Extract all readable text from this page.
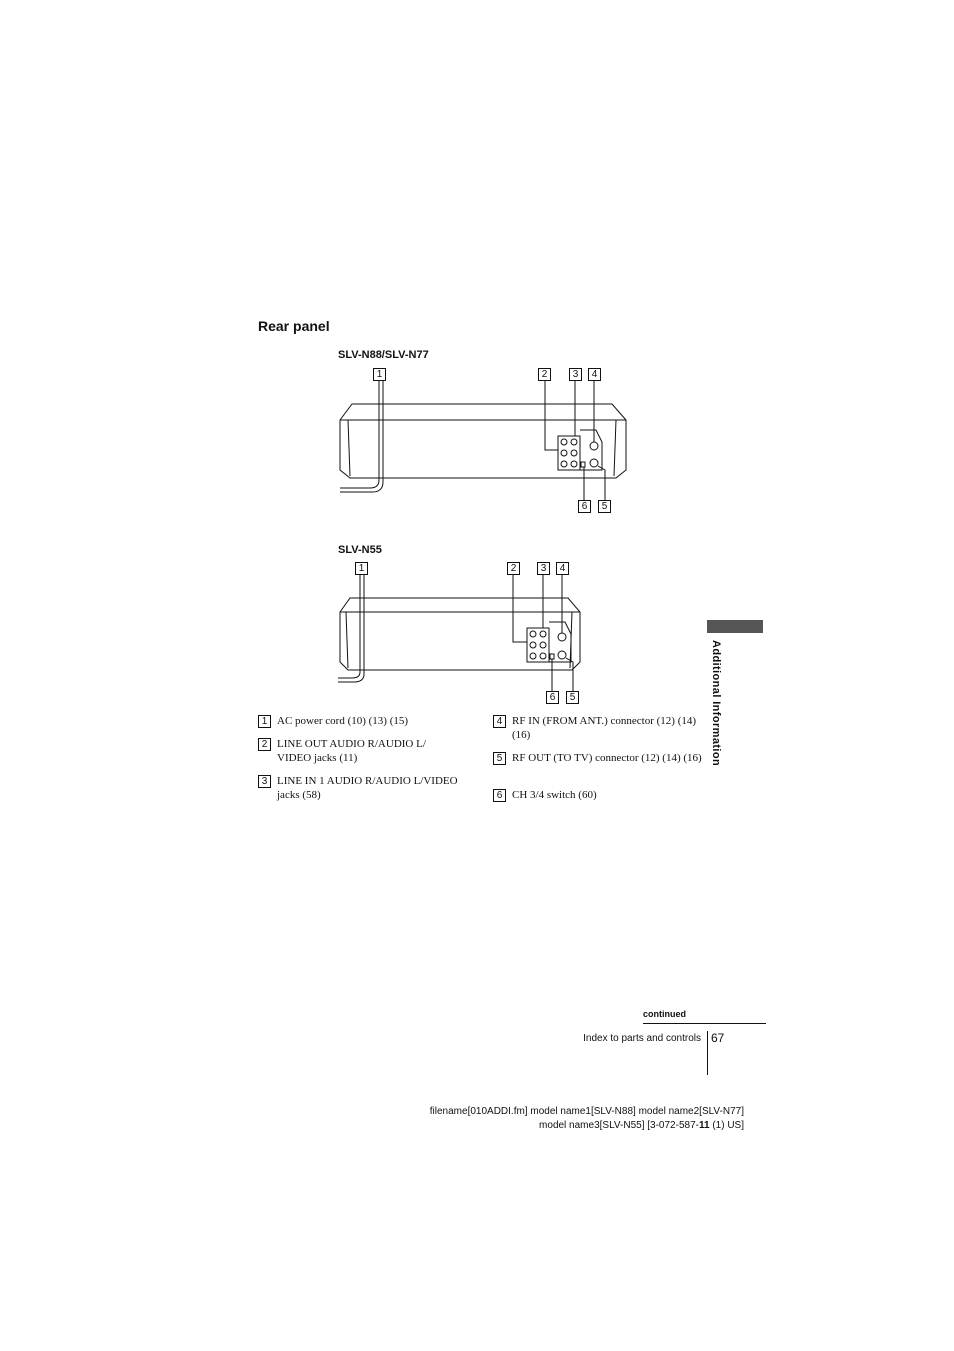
Rear panel
SLV-N88/SLV-N77
1	2	3	4
6	5
SLV-N55
1	2	3	4
6	5
1 AC power cord (10) (13) (15)
2 LINE OUT AUDIO R/AUDIO L/ VIDEO jacks (11)
3 LINE IN 1 AUDIO R/AUDIO L/VIDEO jacks (58)
4 RF IN (FROM ANT.) connector (12) (14) (16)
5 RF OUT (TO TV) connector (12) (14) (16)
6 CH 3/4 switch (60)
Additional Information
continued
Index to parts and controls 67
filename[010ADDI.fm] model name1[SLV-N88] model name2[SLV-N77]
model name3[SLV-N55] [3-072-587-11 (1) US]
